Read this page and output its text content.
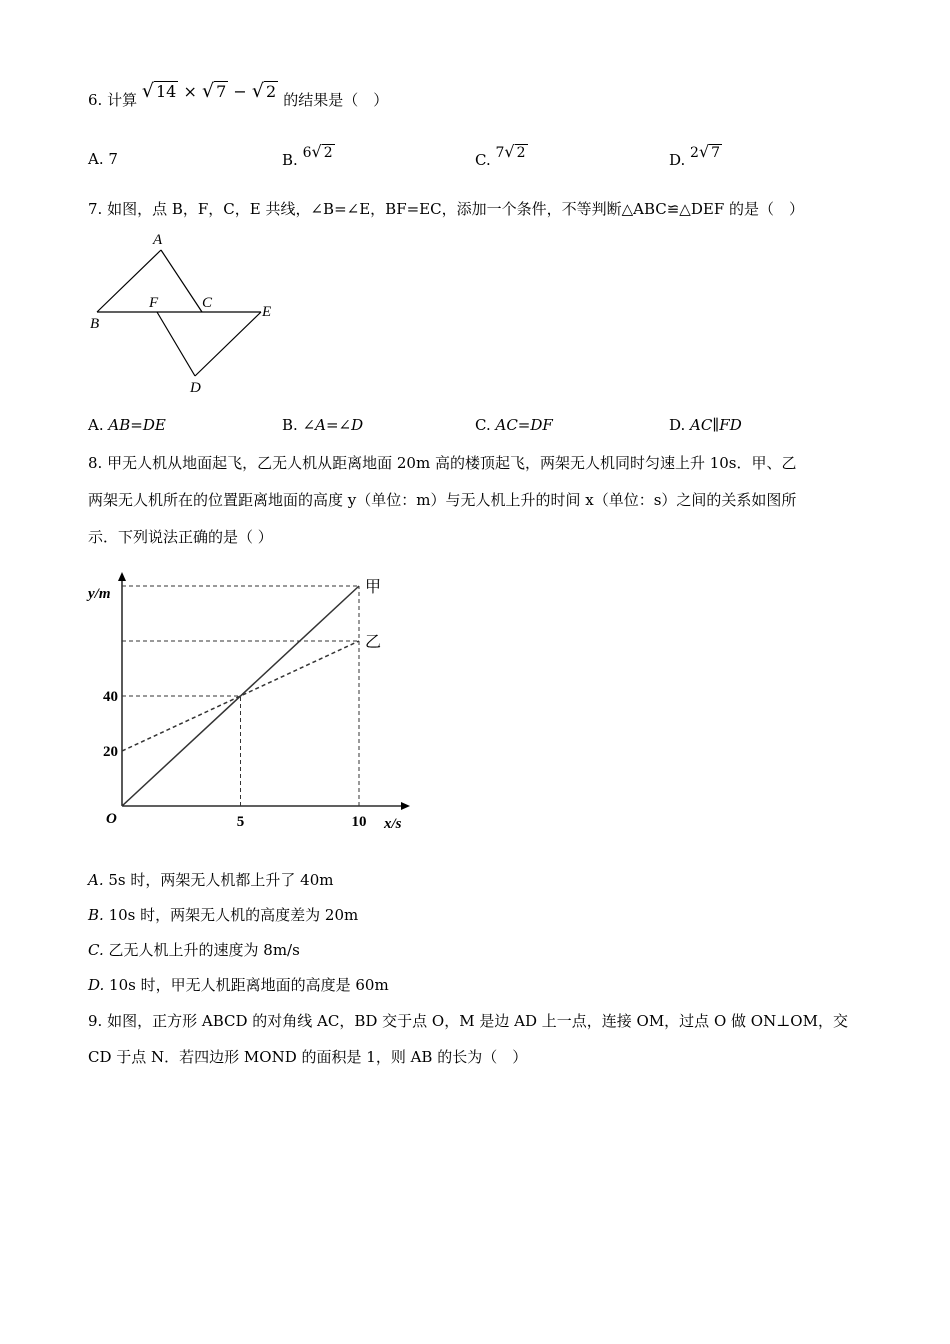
6. 计算 √ 14 × √ 7 − √ 2 的结果是（　）
A. 7	B. 6√ 2	C. 7√ 2	D. 2√ 7
7. 如图，点 B，F，C，E 共线，∠B=∠E，BF=EC，添加一个条件，不等判断△ABC≌△DEF 的是（　）
A
B
F	C
E
D
A. AB=DE	B. ∠A=∠D	C. AC=DF	D. AC∥FD
8. 甲无人机从地面起飞，乙无人机从距离地面 20m 高的楼顶起飞，两架无人机同时匀速上升 10s．甲、乙
两架无人机所在的位置距离地面的高度 y（单位：m）与无人机上升的时间 x（单位：s）之间的关系如图所
示．下列说法正确的是（ ）
甲
乙
5	10
20
40
O	x/s
y/m
A. 5s 时，两架无人机都上升了 40m
B. 10s 时，两架无人机的高度差为 20m
C. 乙无人机上升的速度为 8m/s
D. 10s 时，甲无人机距离地面的高度是 60m
9. 如图，正方形 ABCD 的对角线 AC，BD 交于点 O，M 是边 AD 上一点，连接 OM，过点 O 做 ON⊥OM，交
CD 于点 N．若四边形 MOND 的面积是 1，则 AB 的长为（　）
